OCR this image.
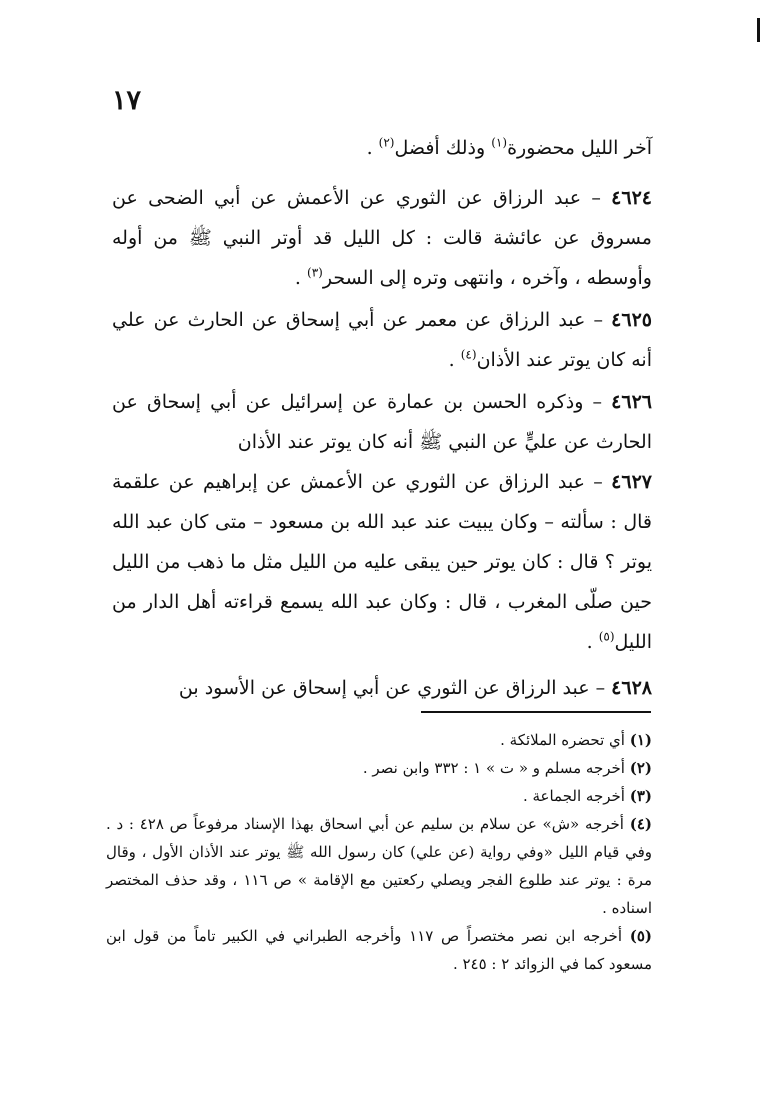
١٧

آخر الليل محضورة$^{(١)}$ وذلك أفضل$^{(٢)}$ .

٤٦٢٤ – عبد الرزاق عن الثوري عن الأعمش عن أبي الضحى عن مسروق عن عائشة قالت : كل الليل قد أوتر النبي ﷺ من أوله وأوسطه ، وآخره ، وانتهى وتره إلى السحر$^{(٣)}$ .

٤٦٢٥ – عبد الرزاق عن معمر عن أبي إسحاق عن الحارث عن علي أنه كان يوتر عند الأذان$^{(٤)}$ .

٤٦٢٦ – وذكره الحسن بن عمارة عن إسرائيل عن أبي إسحاق عن الحارث عن عليٍّ عن النبي ﷺ أنه كان يوتر عند الأذان

٤٦٢٧ – عبد الرزاق عن الثوري عن الأعمش عن إبراهيم عن علقمة قال : سألته – وكان يبيت عند عبد الله بن مسعود – متى كان عبد الله يوتر ؟ قال : كان يوتر حين يبقى عليه من الليل مثل ما ذهب من الليل حين صلّى المغرب ، قال : وكان عبد الله يسمع قراءته أهل الدار من الليل$^{(٥)}$ .

٤٦٢٨ – عبد الرزاق عن الثوري عن أبي إسحاق عن الأسود بن

(١) أي تحضره الملائكة .

(٢) أخرجه مسلم و « ت » ١ : ٣٣٢ وابن نصر .

(٣) أخرجه الجماعة .

(٤) أخرجه «ش» عن سلام بن سليم عن أبي اسحاق بهذا الإسناد مرفوعاً ص ٤٢٨ : د . وفي قيام الليل «وفي رواية (عن علي) كان رسول الله ﷺ يوتر عند الأذان الأول ، وقال مرة : يوتر عند طلوع الفجر ويصلي ركعتين مع الإقامة » ص ١١٦ ، وقد حذف المختصر اسناده .

(٥) أخرجه ابن نصر مختصراً ص ١١٧ وأخرجه الطبراني في الكبير تاماً من قول ابن مسعود كما في الزوائد ٢ : ٢٤٥ .
